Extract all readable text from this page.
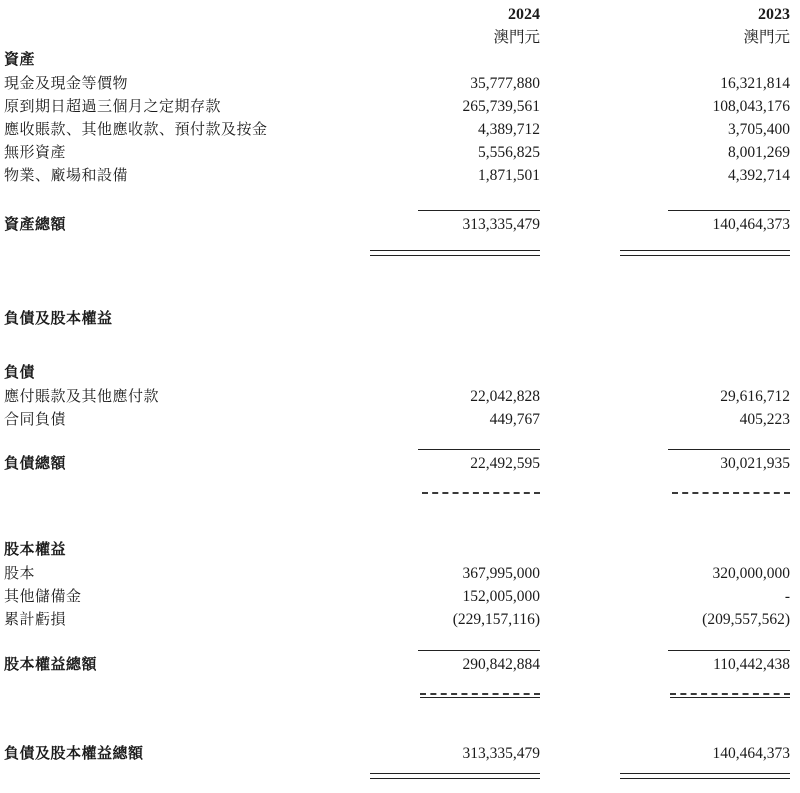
2024	2023
澳門元	澳門元
資產
現金及現金等價物	35,777,880	16,321,814
原到期日超過三個月之定期存款	265,739,561	108,043,176
應收賬款、其他應收款、預付款及按金	4,389,712	3,705,400
無形資產	5,556,825	8,001,269
物業、廠場和設備	1,871,501	4,392,714
資產總額	313,335,479	140,464,373
負債及股本權益
負債
應付賬款及其他應付款	22,042,828	29,616,712
合同負債	449,767	405,223
負債總額	22,492,595	30,021,935
股本權益
股本	367,995,000	320,000,000
其他儲備金	152,005,000	-
累計虧損	(229,157,116)	(209,557,562)
股本權益總額	290,842,884	110,442,438
負債及股本權益總額	313,335,479	140,464,373
